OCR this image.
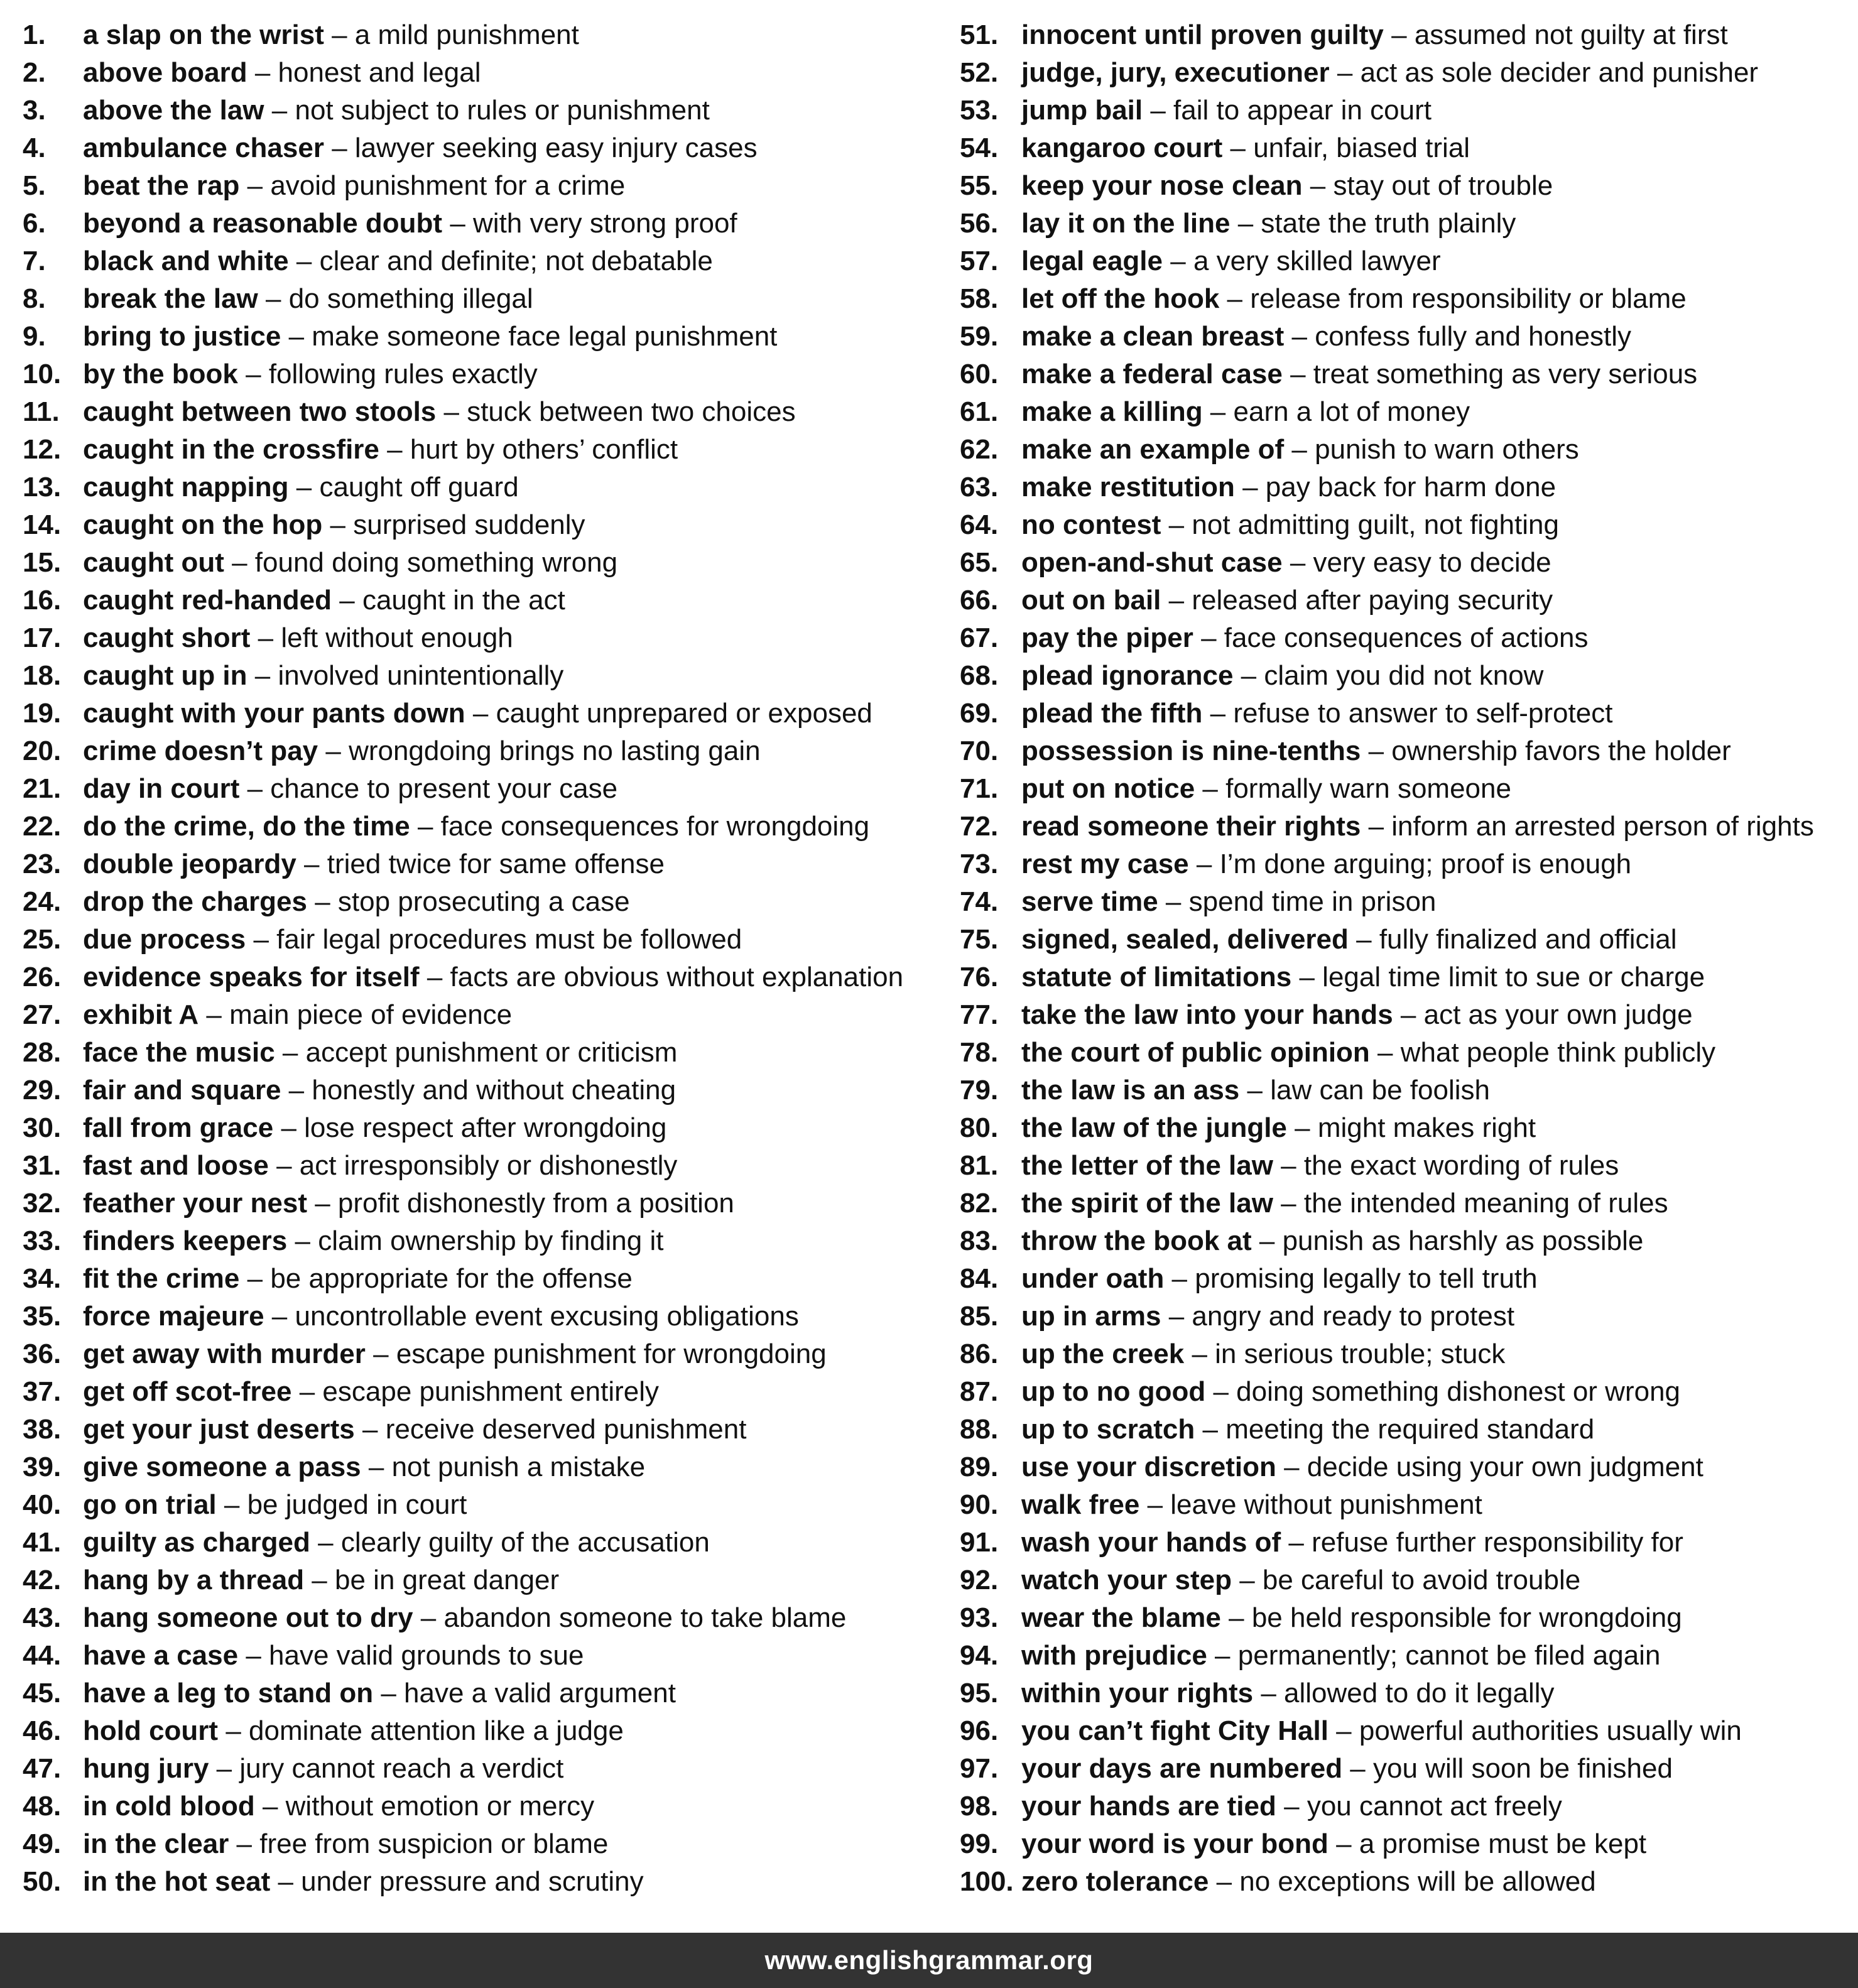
1. a slap on the wrist – a mild punishment
2. above board – honest and legal
3. above the law – not subject to rules or punishment
4. ambulance chaser – lawyer seeking easy injury cases
5. beat the rap – avoid punishment for a crime
6. beyond a reasonable doubt – with very strong proof
7. black and white – clear and definite; not debatable
8. break the law – do something illegal
9. bring to justice – make someone face legal punishment
10. by the book – following rules exactly
11. caught between two stools – stuck between two choices
12. caught in the crossfire – hurt by others’ conflict
13. caught napping – caught off guard
14. caught on the hop – surprised suddenly
15. caught out – found doing something wrong
16. caught red-handed – caught in the act
17. caught short – left without enough
18. caught up in – involved unintentionally
19. caught with your pants down – caught unprepared or exposed
20. crime doesn’t pay – wrongdoing brings no lasting gain
21. day in court – chance to present your case
22. do the crime, do the time – face consequences for wrongdoing
23. double jeopardy – tried twice for same offense
24. drop the charges – stop prosecuting a case
25. due process – fair legal procedures must be followed
26. evidence speaks for itself – facts are obvious without explanation
27. exhibit A – main piece of evidence
28. face the music – accept punishment or criticism
29. fair and square – honestly and without cheating
30. fall from grace – lose respect after wrongdoing
31. fast and loose – act irresponsibly or dishonestly
32. feather your nest – profit dishonestly from a position
33. finders keepers – claim ownership by finding it
34. fit the crime – be appropriate for the offense
35. force majeure – uncontrollable event excusing obligations
36. get away with murder – escape punishment for wrongdoing
37. get off scot-free – escape punishment entirely
38. get your just deserts – receive deserved punishment
39. give someone a pass – not punish a mistake
40. go on trial – be judged in court
41. guilty as charged – clearly guilty of the accusation
42. hang by a thread – be in great danger
43. hang someone out to dry – abandon someone to take blame
44. have a case – have valid grounds to sue
45. have a leg to stand on – have a valid argument
46. hold court – dominate attention like a judge
47. hung jury – jury cannot reach a verdict
48. in cold blood – without emotion or mercy
49. in the clear – free from suspicion or blame
50. in the hot seat – under pressure and scrutiny
51. innocent until proven guilty – assumed not guilty at first
52. judge, jury, executioner – act as sole decider and punisher
53. jump bail – fail to appear in court
54. kangaroo court – unfair, biased trial
55. keep your nose clean – stay out of trouble
56. lay it on the line – state the truth plainly
57. legal eagle – a very skilled lawyer
58. let off the hook – release from responsibility or blame
59. make a clean breast – confess fully and honestly
60. make a federal case – treat something as very serious
61. make a killing – earn a lot of money
62. make an example of – punish to warn others
63. make restitution – pay back for harm done
64. no contest – not admitting guilt, not fighting
65. open-and-shut case – very easy to decide
66. out on bail – released after paying security
67. pay the piper – face consequences of actions
68. plead ignorance – claim you did not know
69. plead the fifth – refuse to answer to self-protect
70. possession is nine-tenths – ownership favors the holder
71. put on notice – formally warn someone
72. read someone their rights – inform an arrested person of rights
73. rest my case – I’m done arguing; proof is enough
74. serve time – spend time in prison
75. signed, sealed, delivered – fully finalized and official
76. statute of limitations – legal time limit to sue or charge
77. take the law into your hands – act as your own judge
78. the court of public opinion – what people think publicly
79. the law is an ass – law can be foolish
80. the law of the jungle – might makes right
81. the letter of the law – the exact wording of rules
82. the spirit of the law – the intended meaning of rules
83. throw the book at – punish as harshly as possible
84. under oath – promising legally to tell truth
85. up in arms – angry and ready to protest
86. up the creek – in serious trouble; stuck
87. up to no good – doing something dishonest or wrong
88. up to scratch – meeting the required standard
89. use your discretion – decide using your own judgment
90. walk free – leave without punishment
91. wash your hands of – refuse further responsibility for
92. watch your step – be careful to avoid trouble
93. wear the blame – be held responsible for wrongdoing
94. with prejudice – permanently; cannot be filed again
95. within your rights – allowed to do it legally
96. you can’t fight City Hall – powerful authorities usually win
97. your days are numbered – you will soon be finished
98. your hands are tied – you cannot act freely
99. your word is your bond – a promise must be kept
100. zero tolerance – no exceptions will be allowed
www.englishgrammar.org
